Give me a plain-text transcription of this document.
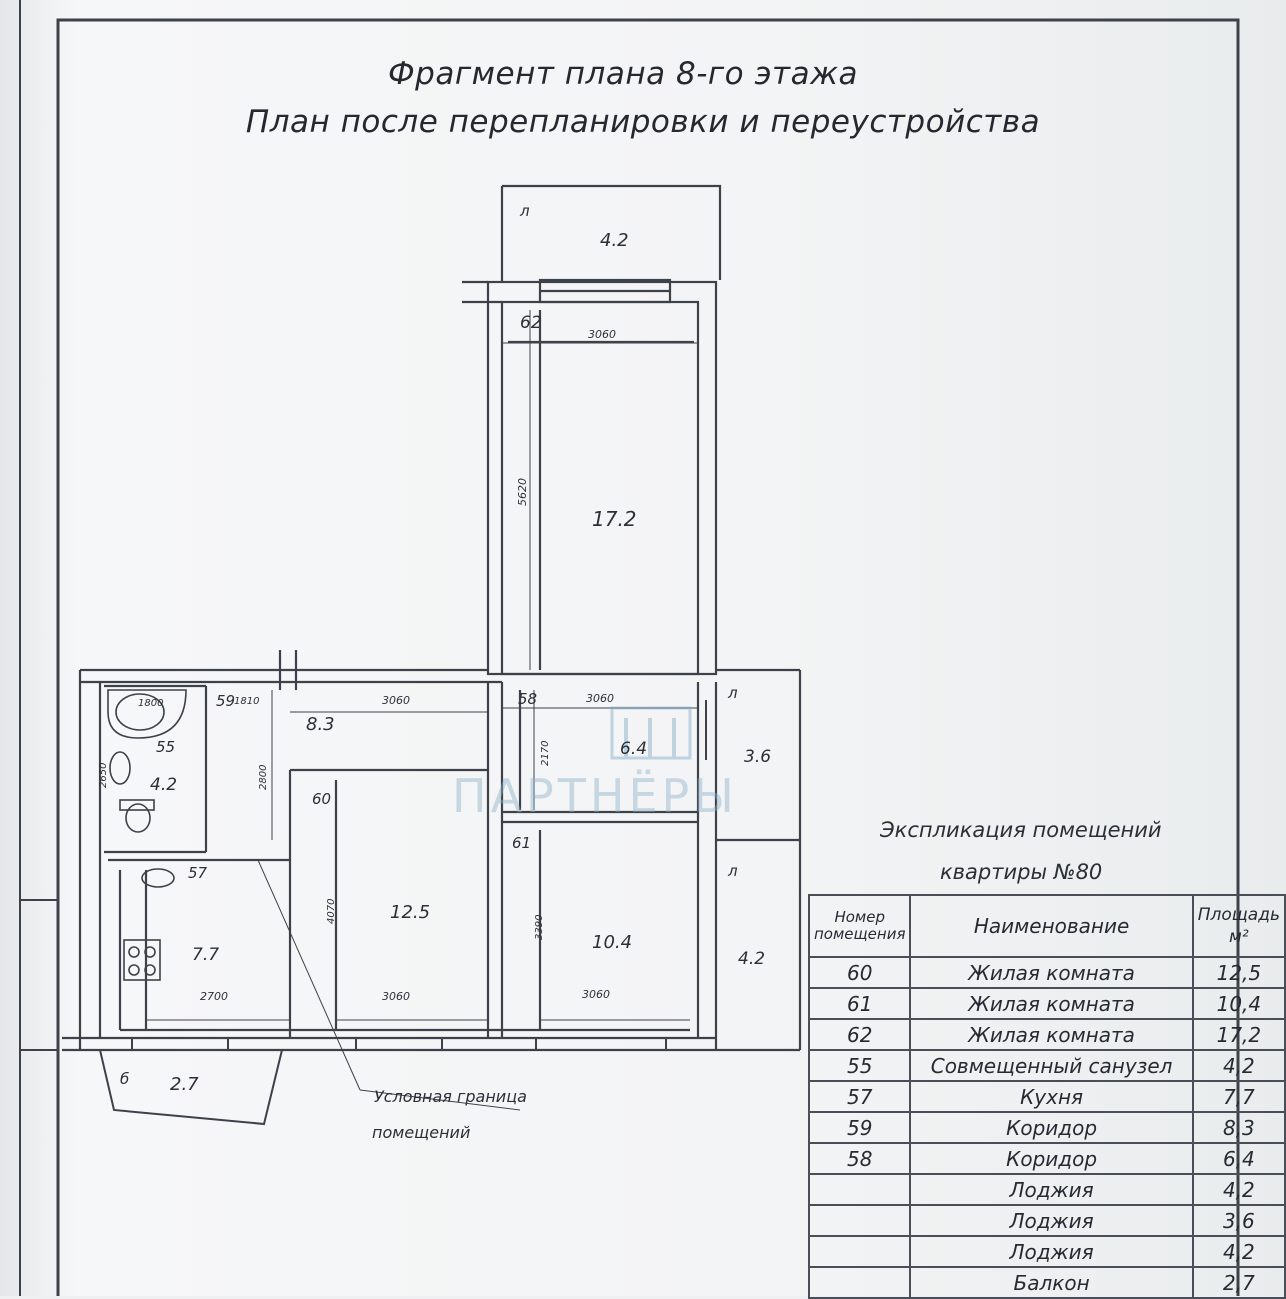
Фрагмент плана 8-го этажа
План после перепланировки и переустройства
ПАРТНЁРЫ
л
4.2
62
3060
5620
17.2
59
1810	3060
8.3
2800
58	3060
2170	6.4
55
1800
2650 4.2
57
7.7
2700
60
4070	12.5
3060
61
3390
10.4
3060
л
3.6
л
4.2
б 2.7
Условная граница
помещений
Экспликация помещений
квартиры №80
Номер помещения	Наименование	Площадь м²
60	Жилая комната	12,5
61	Жилая комната	10,4
62	Жилая комната	17,2
55	Совмещенный санузел	4,2
57	Кухня	7,7
59	Коридор	8,3
58	Коридор	6,4
	Лоджия	4,2
	Лоджия	3,6
	Лоджия	4,2
	Балкон	2,7
